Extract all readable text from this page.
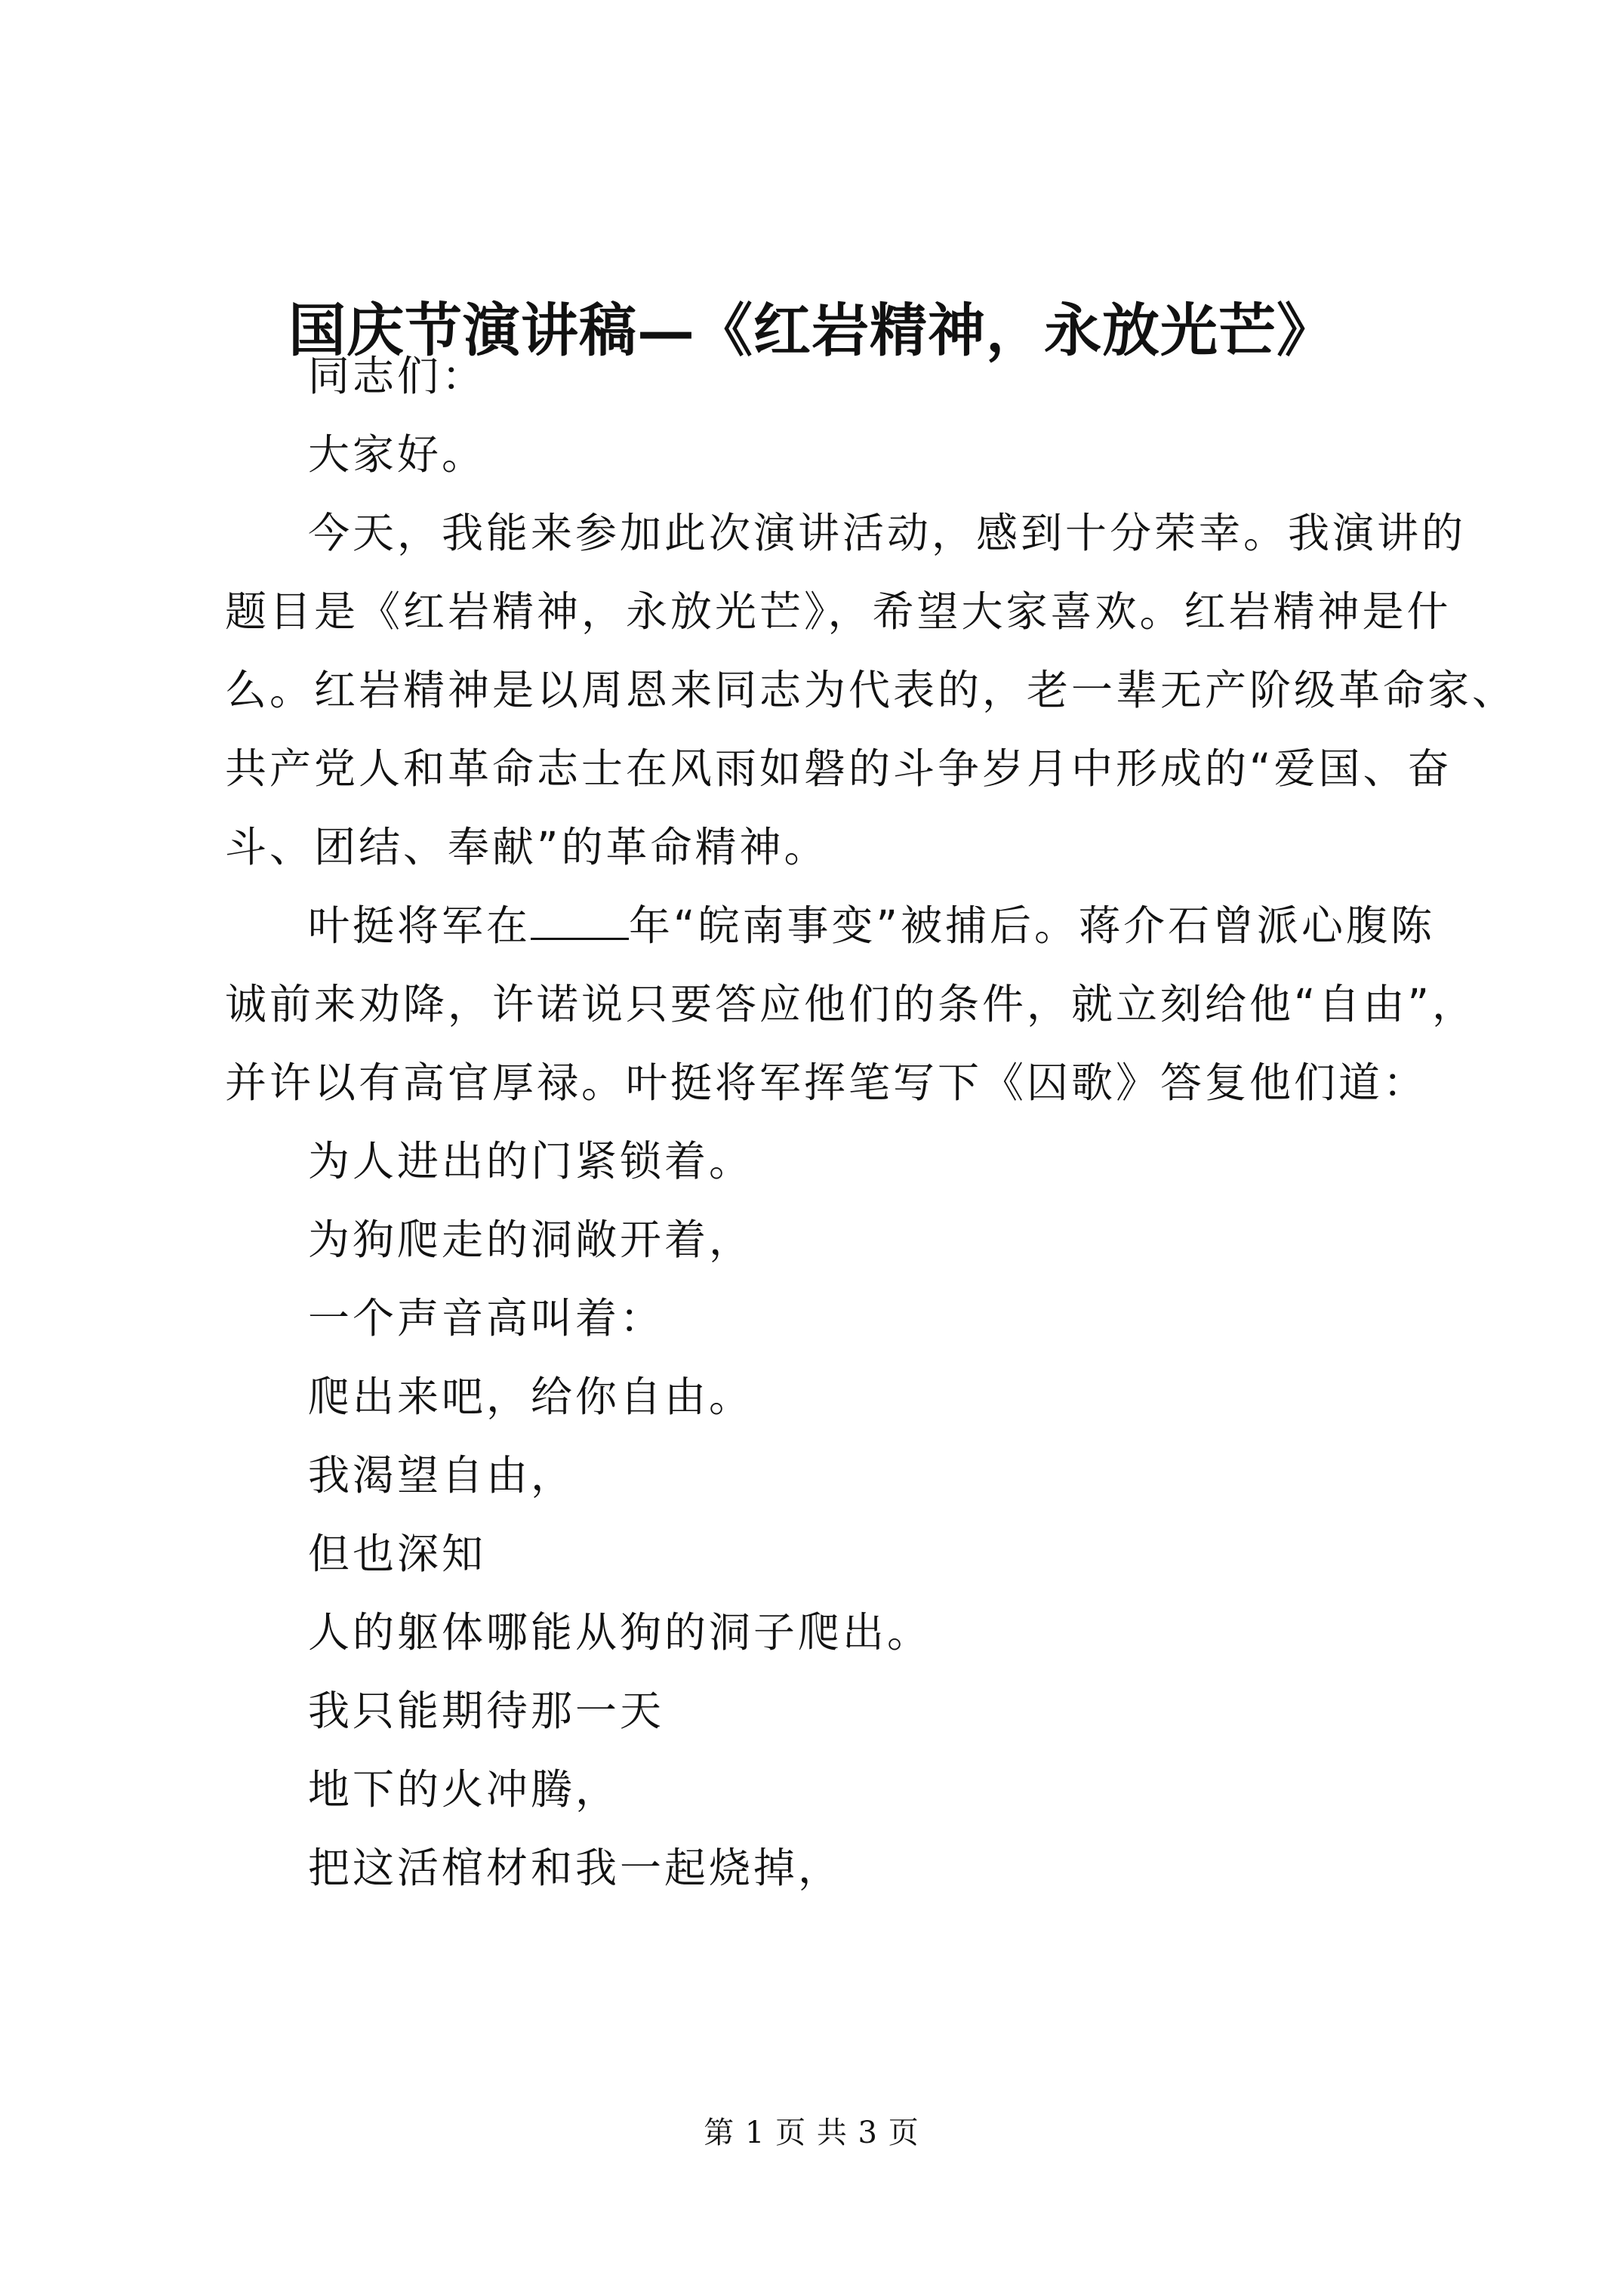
国庆节演讲稿—《红岩精神，永放光芒》
同志们：
大家好。
今天，我能来参加此次演讲活动，感到十分荣幸。我演讲的
题目是《红岩精神，永放光芒》，希望大家喜欢。红岩精神是什
么。红岩精神是以周恩来同志为代表的，老一辈无产阶级革命家、
共产党人和革命志士在风雨如磐的斗争岁月中形成的“爱国、奋
斗、团结、奉献”的革命精神。
叶挺将军在 年“皖南事变”被捕后。蒋介石曾派心腹陈
诚前来劝降，许诺说只要答应他们的条件，就立刻给他“自由”，
并许以有高官厚禄。叶挺将军挥笔写下《囚歌》答复他们道：
为人进出的门紧锁着。
为狗爬走的洞敞开着，
一个声音高叫着：
爬出来吧，给你自由。
我渴望自由，
但也深知
人的躯体哪能从狗的洞子爬出。
我只能期待那一天
地下的火冲腾，
把这活棺材和我一起烧掉，
第 1 页 共 3 页
